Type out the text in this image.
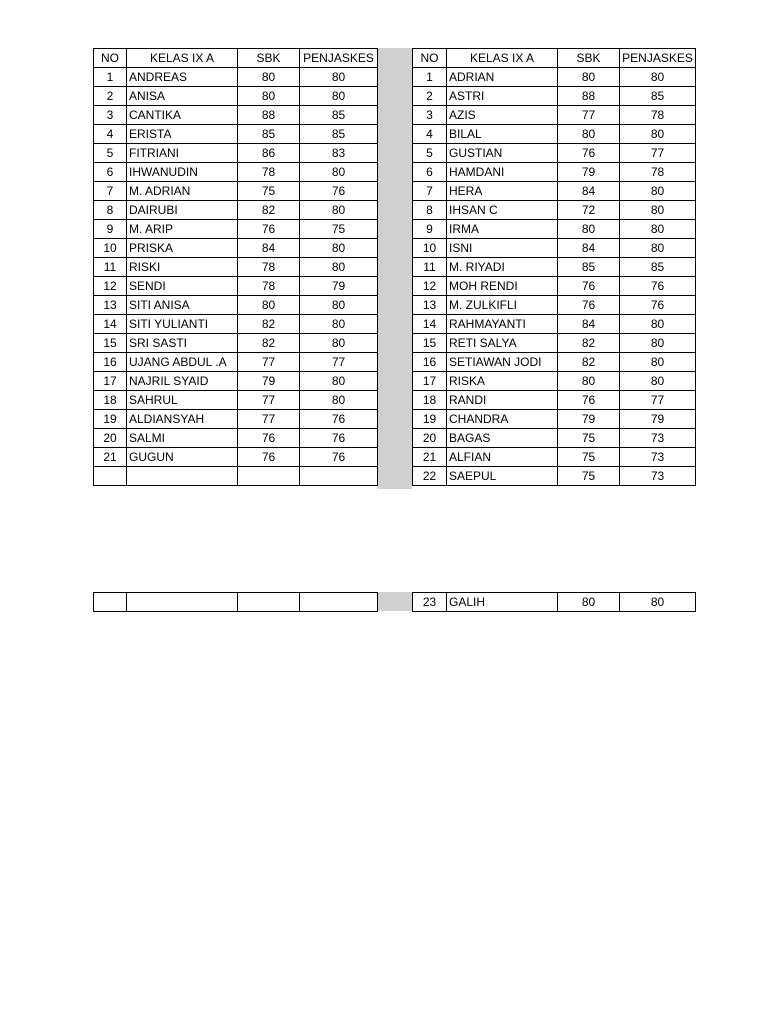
NO	KELAS IX A	SBK	PENJASKES
1	ANDREAS	80	80
2	ANISA	80	80
3	CANTIKA	88	85
4	ERISTA	85	85
5	FITRIANI	86	83
6	IHWANUDIN	78	80
7	M. ADRIAN	75	76
8	DAIRUBI	82	80
9	M. ARIP	76	75
10	PRISKA	84	80
11	RISKI	78	80
12	SENDI	78	79
13	SITI ANISA	80	80
14	SITI YULIANTI	82	80
15	SRI SASTI	82	80
16	UJANG ABDUL .A	77	77
17	NAJRIL SYAID	79	80
18	SAHRUL	77	80
19	ALDIANSYAH	77	76
20	SALMI	76	76
21	GUGUN	76	76

NO	KELAS IX A	SBK	PENJASKES
1	ADRIAN	80	80
2	ASTRI	88	85
3	AZIS	77	78
4	BILAL	80	80
5	GUSTIAN	76	77
6	HAMDANI	79	78
7	HERA	84	80
8	IHSAN C	72	80
9	IRMA	80	80
10	ISNI	84	80
11	M. RIYADI	85	85
12	MOH RENDI	76	76
13	M. ZULKIFLI	76	76
14	RAHMAYANTI	84	80
15	RETI SALYA	82	80
16	SETIAWAN JODI	82	80
17	RISKA	80	80
18	RANDI	76	77
19	CHANDRA	79	79
20	BAGAS	75	73
21	ALFIAN	75	73
22	SAEPUL	75	73

23	GALIH	80	80
